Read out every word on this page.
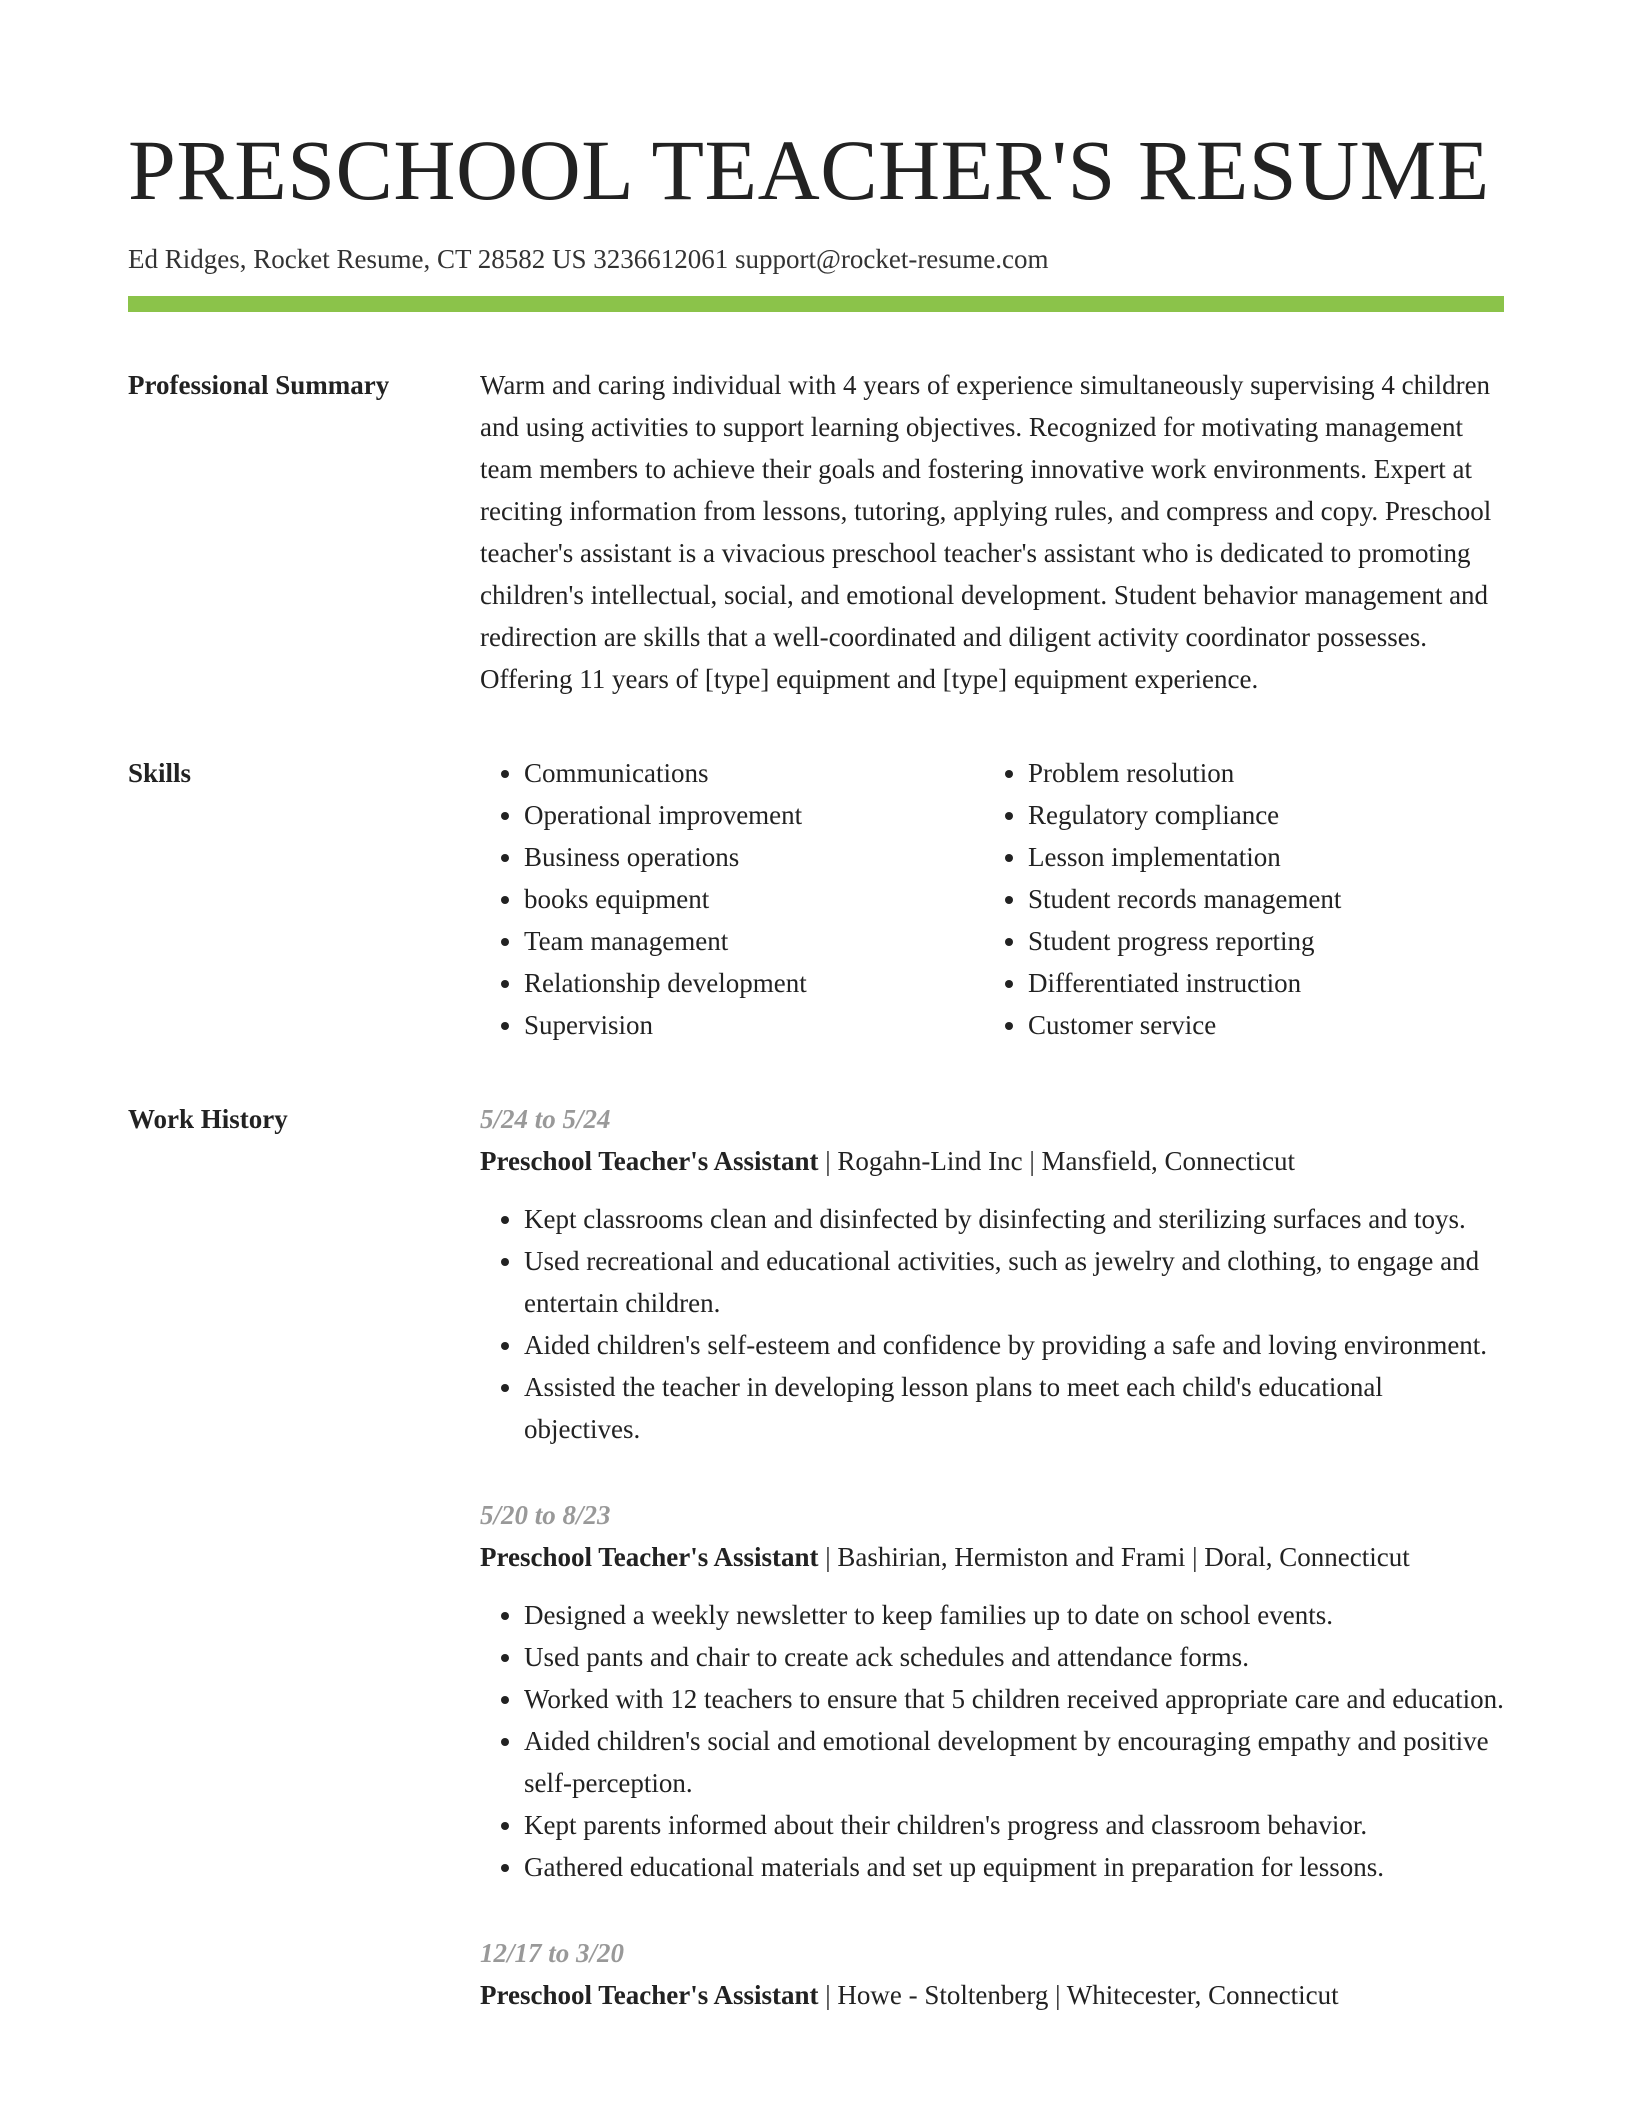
PRESCHOOL TEACHER'S RESUME
Ed Ridges, Rocket Resume, CT 28582 US 3236612061 support@rocket-resume.com
Professional Summary	Warm and caring individual with 4 years of experience simultaneously supervising 4 children and using activities to support learning objectives. Recognized for motivating management team members to achieve their goals and fostering innovative work environments. Expert at reciting information from lessons, tutoring, applying rules, and compress and copy. Preschool teacher's assistant is a vivacious preschool teacher's assistant who is dedicated to promoting children's intellectual, social, and emotional development. Student behavior management and redirection are skills that a well-coordinated and diligent activity coordinator possesses. Offering 11 years of [type] equipment and [type] equipment experience.

Skills
•	Communications
• Operational improvement
• Business operations
• books equipment
• Team management
• Relationship development
• Supervision
• Problem resolution
• Regulatory compliance
• Lesson implementation
• Student records management
• Student progress reporting
• Differentiated instruction
• Customer service
Work History	5/24 to 5/24
Preschool Teacher's Assistant | Rogahn-Lind Inc | Mansfield, Connecticut
• Kept classrooms clean and disinfected by disinfecting and sterilizing surfaces and toys.
• Used recreational and educational activities, such as jewelry and clothing, to engage and entertain children.
• Aided children's self-esteem and confidence by providing a safe and loving environment.
• Assisted the teacher in developing lesson plans to meet each child's educational objectives.
5/20 to 8/23
Preschool Teacher's Assistant | Bashirian, Hermiston and Frami | Doral, Connecticut
• Designed a weekly newsletter to keep families up to date on school events.
• Used pants and chair to create ack schedules and attendance forms.
• Worked with 12 teachers to ensure that 5 children received appropriate care and education.
• Aided children's social and emotional development by encouraging empathy and positive self-perception.
• Kept parents informed about their children's progress and classroom behavior.
• Gathered educational materials and set up equipment in preparation for lessons.
12/17 to 3/20
Preschool Teacher's Assistant | Howe - Stoltenberg | Whitecester, Connecticut
